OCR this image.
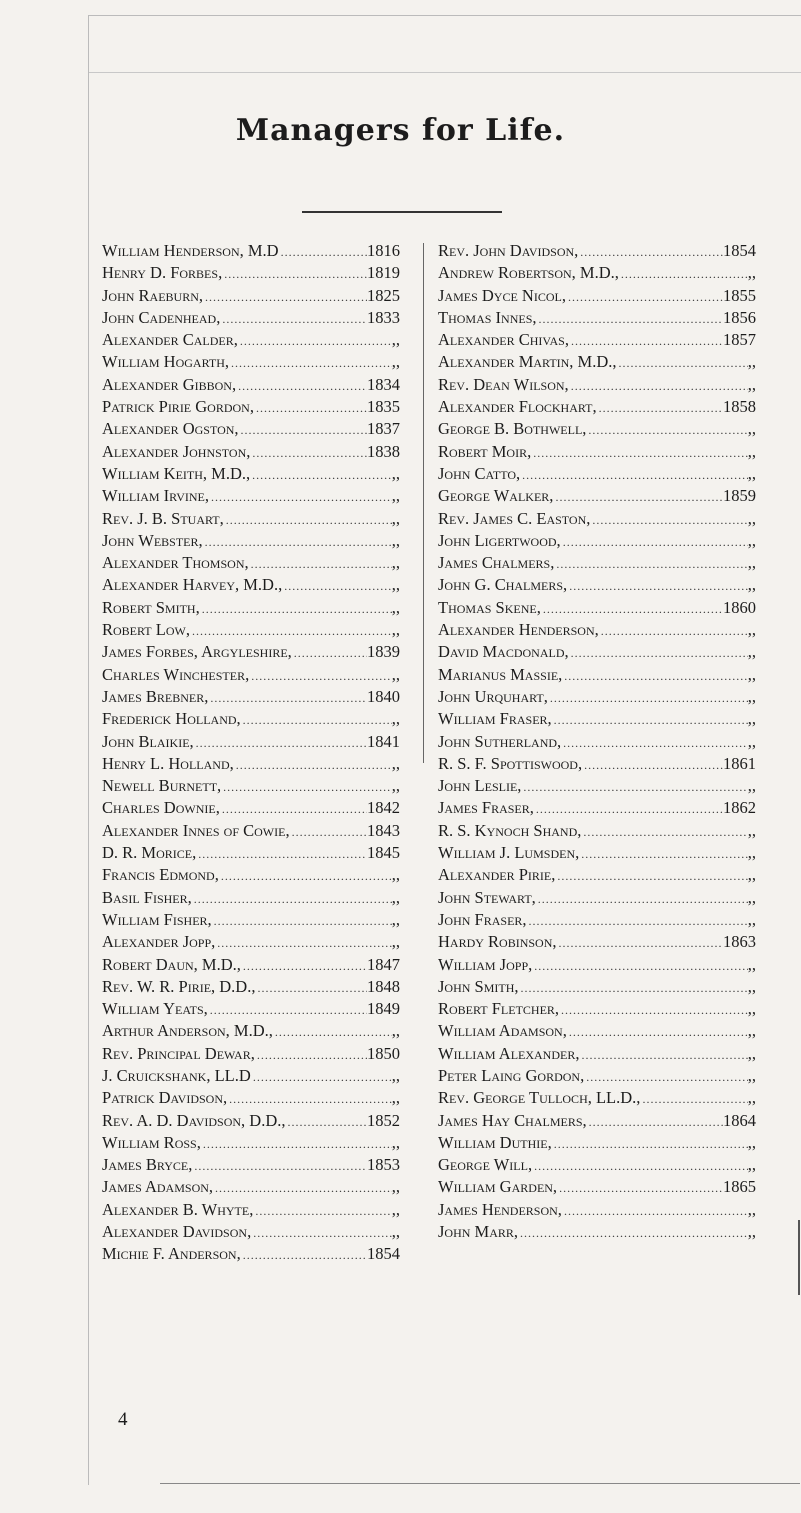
Managers for Life.
William Henderson, M.D .....	1816
Henry D. Forbes, .....	1819
John Raeburn, .....	1825
John Cadenhead, .....	1833
Alexander Calder, .....	,,
William Hogarth, .....	,,
Alexander Gibbon, .....	1834
Patrick Pirie Gordon, .....	1835
Alexander Ogston, .....	1837
Alexander Johnston, .....	1838
William Keith, M.D., .....	,,
William Irvine, .....	,,
Rev. J. B. Stuart, .....	,,
John Webster, .....	,,
Alexander Thomson, .....	,,
Alexander Harvey, M.D., .....	,,
Robert Smith, .....	,,
Robert Low, .....	,,
James Forbes, Argyleshire, .....	1839
Charles Winchester, .....	,,
James Brebner, .....	1840
Frederick Holland, .....	,,
John Blaikie, .....	1841
Henry L. Holland, .....	,,
Newell Burnett, .....	,,
Charles Downie, .....	1842
Alexander Innes of Cowie, .....	1843
D. R. Morice, .....	1845
Francis Edmond, .....	,,
Basil Fisher, .....	,,
William Fisher, .....	,,
Alexander Jopp, .....	,,
Robert Daun, M.D., .....	1847
Rev. W. R. Pirie, D.D., .....	1848
William Yeats, .....	1849
Arthur Anderson, M.D., .....	,,
Rev. Principal Dewar, .....	1850
J. Cruickshank, LL.D .....	,,
Patrick Davidson, .....	,,
Rev. A. D. Davidson, D.D., .....	1852
William Ross, .....	,,
James Bryce, .....	1853
James Adamson, .....	,,
Alexander B. Whyte, .....	,,
Alexander Davidson, .....	,,
Michie F. Anderson, .....	1854
Rev. John Davidson, .....	1854
Andrew Robertson, M.D., .....	,,
James Dyce Nicol, .....	1855
Thomas Innes, .....	1856
Alexander Chivas, .....	1857
Alexander Martin, M.D., .....	,,
Rev. Dean Wilson, .....	,,
Alexander Flockhart, .....	1858
George B. Bothwell, .....	,,
Robert Moir, .....	,,
John Catto, .....	,,
George Walker, .....	1859
Rev. James C. Easton, .....	,,
John Ligertwood, .....	,,
James Chalmers, .....	,,
John G. Chalmers, .....	,,
Thomas Skene, .....	1860
Alexander Henderson, .....	,,
David Macdonald, .....	,,
Marianus Massie, .....	,,
John Urquhart, .....	,,
William Fraser, .....	,,
John Sutherland, .....	,,
R. S. F. Spottiswood, .....	1861
John Leslie, .....	,,
James Fraser, .....	1862
R. S. Kynoch Shand, .....	,,
William J. Lumsden, .....	,,
Alexander Pirie, .....	,,
John Stewart, .....	,,
John Fraser, .....	,,
Hardy Robinson, .....	1863
William Jopp, .....	,,
John Smith, .....	,,
Robert Fletcher, .....	,,
William Adamson, .....	,,
William Alexander, .....	,,
Peter Laing Gordon, .....	,,
Rev. George Tulloch, LL.D., .....	,,
James Hay Chalmers, .....	1864
William Duthie, .....	,,
George Will, .....	,,
William Garden, .....	1865
James Henderson, .....	,,
John Marr, .....	,,
4
